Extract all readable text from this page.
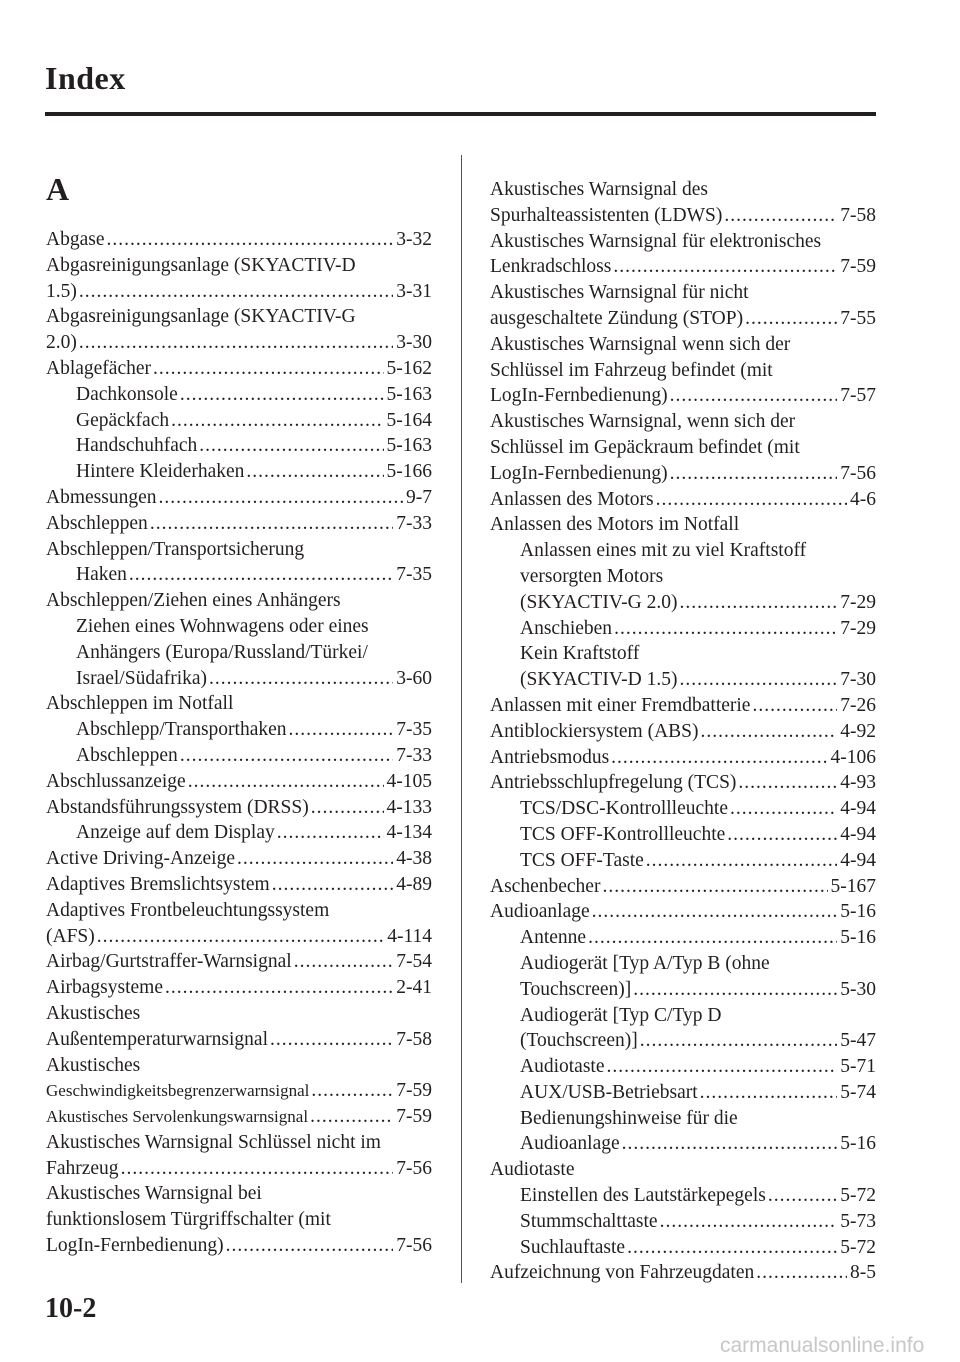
Index
A

Abgase .....	3-32

Abgasreinigungsanlage (SKYACTIV-D

1.5) .....	3-31

Abgasreinigungsanlage (SKYACTIV-G

2.0) .....	3-30

Ablagefächer .....	5-162

Dachkonsole .....	5-163

Gepäckfach .....	5-164

Handschuhfach .....	5-163

Hintere Kleiderhaken .....	5-166

Abmessungen .....	9-7

Abschleppen .....	7-33

Abschleppen/Transportsicherung

Haken .....	7-35

Abschleppen/Ziehen eines Anhängers

Ziehen eines Wohnwagens oder eines

Anhängers (Europa/Russland/Türkei/

Israel/Südafrika) .....	3-60

Abschleppen im Notfall

Abschlepp/Transporthaken .....	7-35

Abschleppen .....	7-33

Abschlussanzeige .....	4-105

Abstandsführungssystem (DRSS) .....	4-133

Anzeige auf dem Display .....	4-134

Active Driving-Anzeige .....	4-38

Adaptives Bremslichtsystem .....	4-89

Adaptives Frontbeleuchtungssystem

(AFS) .....	4-114

Airbag/Gurtstraffer-Warnsignal .....	7-54

Airbagsysteme .....	2-41

Akustisches

Außentemperaturwarnsignal .....	7-58

Akustisches

Geschwindigkeitsbegrenzerwarnsignal .....	7-59

Akustisches Servolenkungswarnsignal .....	7-59

Akustisches Warnsignal Schlüssel nicht im

Fahrzeug .....	7-56

Akustisches Warnsignal bei

funktionslosem Türgriffschalter (mit

LogIn-Fernbedienung) .....	7-56

Akustisches Warnsignal des

Spurhalteassistenten (LDWS) .....	7-58

Akustisches Warnsignal für elektronisches

Lenkradschloss .....	7-59

Akustisches Warnsignal für nicht

ausgeschaltete Zündung (STOP) .....	7-55

Akustisches Warnsignal wenn sich der

Schlüssel im Fahrzeug befindet (mit

LogIn-Fernbedienung) .....	7-57

Akustisches Warnsignal, wenn sich der

Schlüssel im Gepäckraum befindet (mit

LogIn-Fernbedienung) .....	7-56

Anlassen des Motors .....	4-6

Anlassen des Motors im Notfall

Anlassen eines mit zu viel Kraftstoff

versorgten Motors

(SKYACTIV-G 2.0) .....	7-29

Anschieben .....	7-29

Kein Kraftstoff

(SKYACTIV-D 1.5) .....	7-30

Anlassen mit einer Fremdbatterie .....	7-26

Antiblockiersystem (ABS) .....	4-92

Antriebsmodus .....	4-106

Antriebsschlupfregelung (TCS) .....	4-93

TCS/DSC-Kontrollleuchte .....	4-94

TCS OFF-Kontrollleuchte .....	4-94

TCS OFF-Taste .....	4-94

Aschenbecher .....	5-167

Audioanlage .....	5-16

Antenne .....	5-16

Audiogerät [Typ A/Typ B (ohne

Touchscreen)] .....	5-30

Audiogerät [Typ C/Typ D

(Touchscreen)] .....	5-47

Audiotaste .....	5-71

AUX/USB-Betriebsart .....	5-74

Bedienungshinweise für die

Audioanlage .....	5-16

Audiotaste

Einstellen des Lautstärkepegels .....	5-72

Stummschalttaste .....	5-73

Suchlauftaste .....	5-72

Aufzeichnung von Fahrzeugdaten .....	8-5

10-2
carmanualsonline.info
